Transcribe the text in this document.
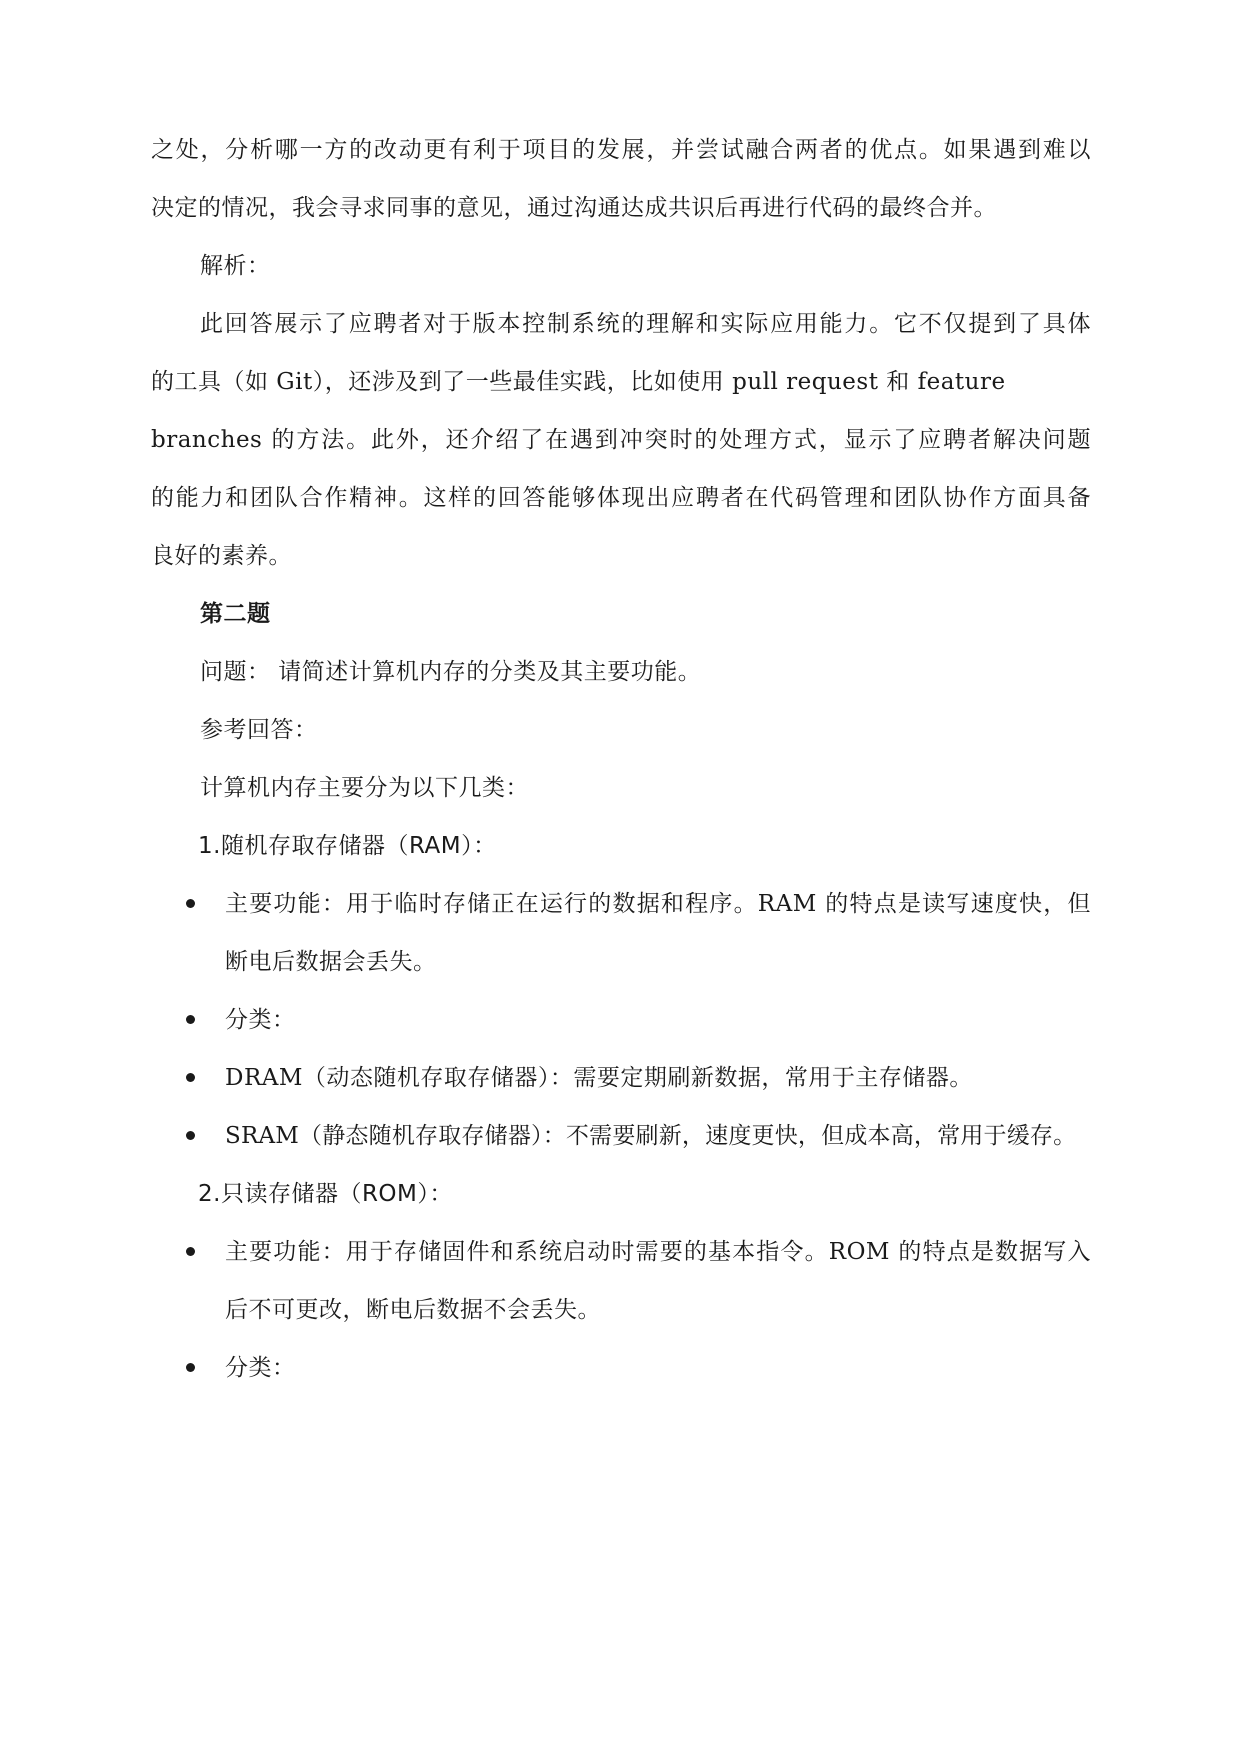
之处，分析哪一方的改动更有利于项目的发展，并尝试融合两者的优点。如果遇到难以
决定的情况，我会寻求同事的意见，通过沟通达成共识后再进行代码的最终合并。
解析：
此回答展示了应聘者对于版本控制系统的理解和实际应用能力。它不仅提到了具体
的工具（如 Git），还涉及到了一些最佳实践，比如使用 pull request 和 feature
branches 的方法。此外，还介绍了在遇到冲突时的处理方式，显示了应聘者解决问题
的能力和团队合作精神。这样的回答能够体现出应聘者在代码管理和团队协作方面具备
良好的素养。
第二题
问题： 请简述计算机内存的分类及其主要功能。
参考回答：
计算机内存主要分为以下几类：
1.随机存取存储器（RAM）：
主要功能：用于临时存储正在运行的数据和程序。RAM 的特点是读写速度快，但
断电后数据会丢失。
分类：
DRAM（动态随机存取存储器）：需要定期刷新数据，常用于主存储器。
SRAM（静态随机存取存储器）：不需要刷新，速度更快，但成本高，常用于缓存。
2.只读存储器（ROM）：
主要功能：用于存储固件和系统启动时需要的基本指令。ROM 的特点是数据写入
后不可更改，断电后数据不会丢失。
分类：
